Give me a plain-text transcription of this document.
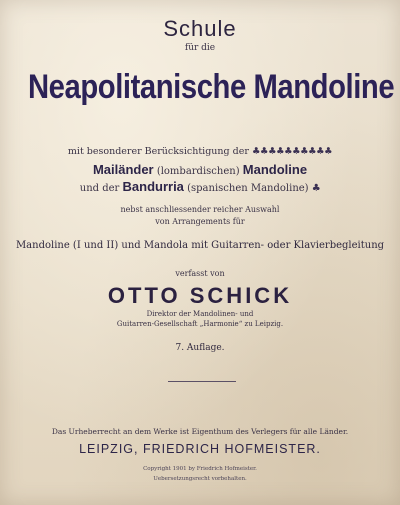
Schule
für die
Neapolitanische Mandoline
mit besonderer Berücksichtigung der ♣♣♣♣♣♣♣♣♣♣
Mailänder (lombardischen) Mandoline
und der Bandurria (spanischen Mandoline) ♣
nebst anschliessender reicher Auswahl
von Arrangements für
Mandoline (I und II) und Mandola mit Guitarren- oder Klavierbegleitung
verfasst von
OTTO SCHICK
Direktor der Mandolinen- und
Guitarren-Gesellschaft „Harmonie“ zu Leipzig.
7. Auflage.
Das Urheberrecht an dem Werke ist Eigenthum des Verlegers für alle Länder.
LEIPZIG, FRIEDRICH HOFMEISTER.
Copyright 1901 by Friedrich Hofmeister.
Uebersetzungsrecht vorbehalten.
